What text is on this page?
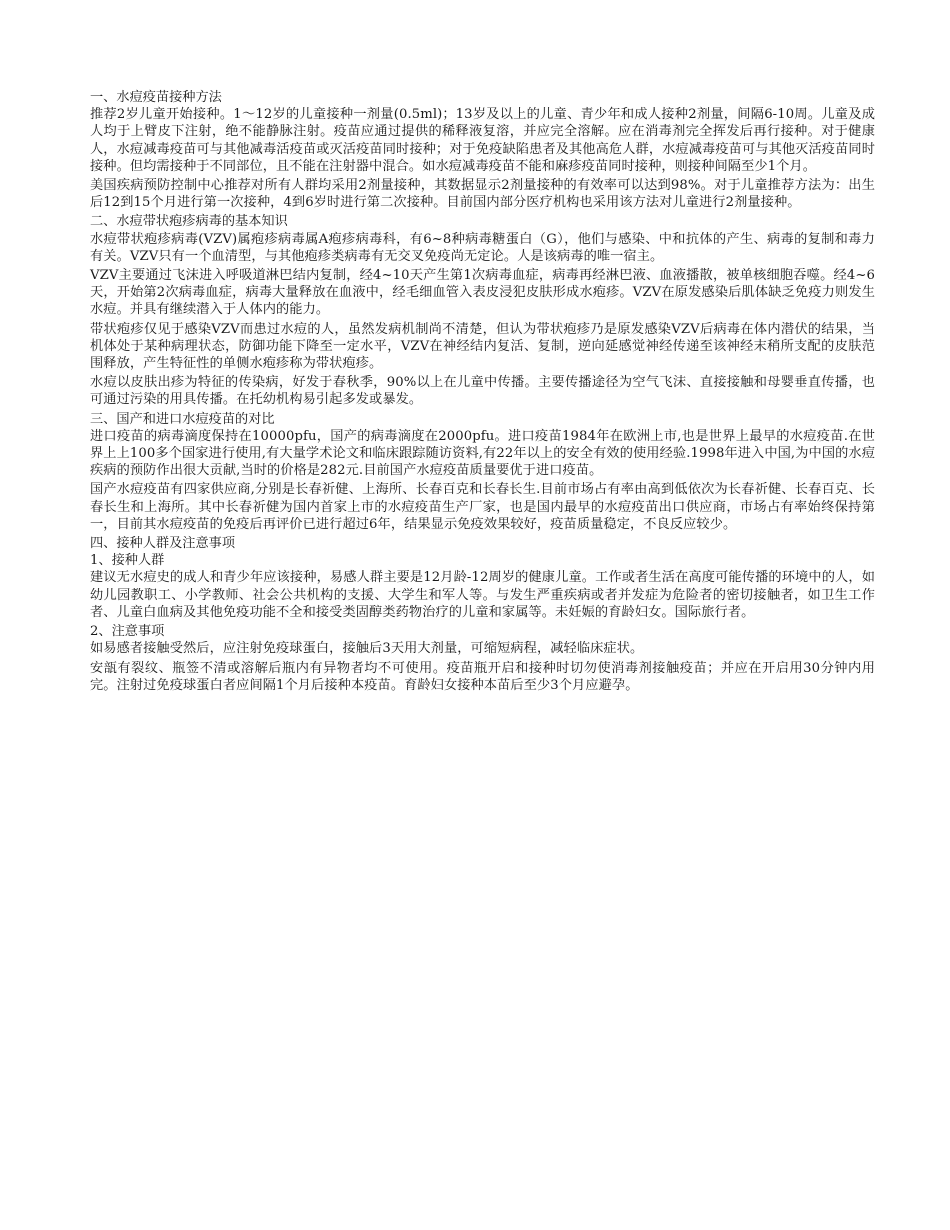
一、水痘疫苗接种方法

推荐2岁儿童开始接种。1～12岁的儿童接种一剂量(0.5ml)；13岁及以上的儿童、青少年和成人接种2剂量，间隔6-10周。儿童及成人均于上臂皮下注射，绝不能静脉注射。疫苗应通过提供的稀释液复溶，并应完全溶解。应在消毒剂完全挥发后再行接种。对于健康人，水痘减毒疫苗可与其他减毒活疫苗或灭活疫苗同时接种；对于免疫缺陷患者及其他高危人群，水痘减毒疫苗可与其他灭活疫苗同时接种。但均需接种于不同部位，且不能在注射器中混合。如水痘减毒疫苗不能和麻疹疫苗同时接种，则接种间隔至少1个月。

美国疾病预防控制中心推荐对所有人群均采用2剂量接种，其数据显示2剂量接种的有效率可以达到98%。对于儿童推荐方法为：出生后12到15个月进行第一次接种，4到6岁时进行第二次接种。目前国内部分医疗机构也采用该方法对儿童进行2剂量接种。

二、水痘带状疱疹病毒的基本知识

水痘带状疱疹病毒(VZV)属疱疹病毒属A疱疹病毒科，有6~8种病毒糖蛋白（G），他们与感染、中和抗体的产生、病毒的复制和毒力有关。VZV只有一个血清型，与其他疱疹类病毒有无交叉免疫尚无定论。人是该病毒的唯一宿主。

VZV主要通过飞沫进入呼吸道淋巴结内复制，经4~10天产生第1次病毒血症，病毒再经淋巴液、血液播散，被单核细胞吞噬。经4~6天，开始第2次病毒血症，病毒大量释放在血液中，经毛细血管入表皮浸犯皮肤形成水疱疹。VZV在原发感染后肌体缺乏免疫力则发生水痘。并具有继续潜入于人体内的能力。

带状疱疹仅见于感染VZV而患过水痘的人，虽然发病机制尚不清楚，但认为带状疱疹乃是原发感染VZV后病毒在体内潜伏的结果，当机体处于某种病理状态，防御功能下降至一定水平，VZV在神经结内复活、复制，逆向延感觉神经传递至该神经末稍所支配的皮肤范围释放，产生特征性的单侧水疱疹称为带状疱疹。

水痘以皮肤出疹为特征的传染病，好发于春秋季，90%以上在儿童中传播。主要传播途径为空气飞沫、直接接触和母婴垂直传播，也可通过污染的用具传播。在托幼机构易引起多发或暴发。

三、国产和进口水痘疫苗的对比

进口疫苗的病毒滴度保持在10000pfu，国产的病毒滴度在2000pfu。进口疫苗1984年在欧洲上市,也是世界上最早的水痘疫苗.在世界上上100多个国家进行使用,有大量学术论文和临床跟踪随访资料,有22年以上的安全有效的使用经验.1998年进入中国,为中国的水痘疾病的预防作出很大贡献,当时的价格是282元.目前国产水痘疫苗质量要优于进口疫苗。

国产水痘疫苗有四家供应商,分别是长春祈健、上海所、长春百克和长春长生.目前市场占有率由高到低依次为长春祈健、长春百克、长春长生和上海所。其中长春祈健为国内首家上市的水痘疫苗生产厂家，也是国内最早的水痘疫苗出口供应商，市场占有率始终保持第一，目前其水痘疫苗的免疫后再评价已进行超过6年，结果显示免疫效果较好，疫苗质量稳定，不良反应较少。

四、接种人群及注意事项
1、接种人群

建议无水痘史的成人和青少年应该接种，易感人群主要是12月龄-12周岁的健康儿童。工作或者生活在高度可能传播的环境中的人，如幼儿园教职工、小学教师、社会公共机构的支援、大学生和军人等。与发生严重疾病或者并发症为危险者的密切接触者，如卫生工作者、儿童白血病及其他免疫功能不全和接受类固醇类药物治疗的儿童和家属等。未妊娠的育龄妇女。国际旅行者。

2、注意事项

如易感者接触受然后，应注射免疫球蛋白，接触后3天用大剂量，可缩短病程，减轻临床症状。

安瓿有裂纹、瓶签不清或溶解后瓶内有异物者均不可使用。疫苗瓶开启和接种时切勿使消毒剂接触疫苗；并应在开启用30分钟内用完。注射过免疫球蛋白者应间隔1个月后接种本疫苗。育龄妇女接种本苗后至少3个月应避孕。
